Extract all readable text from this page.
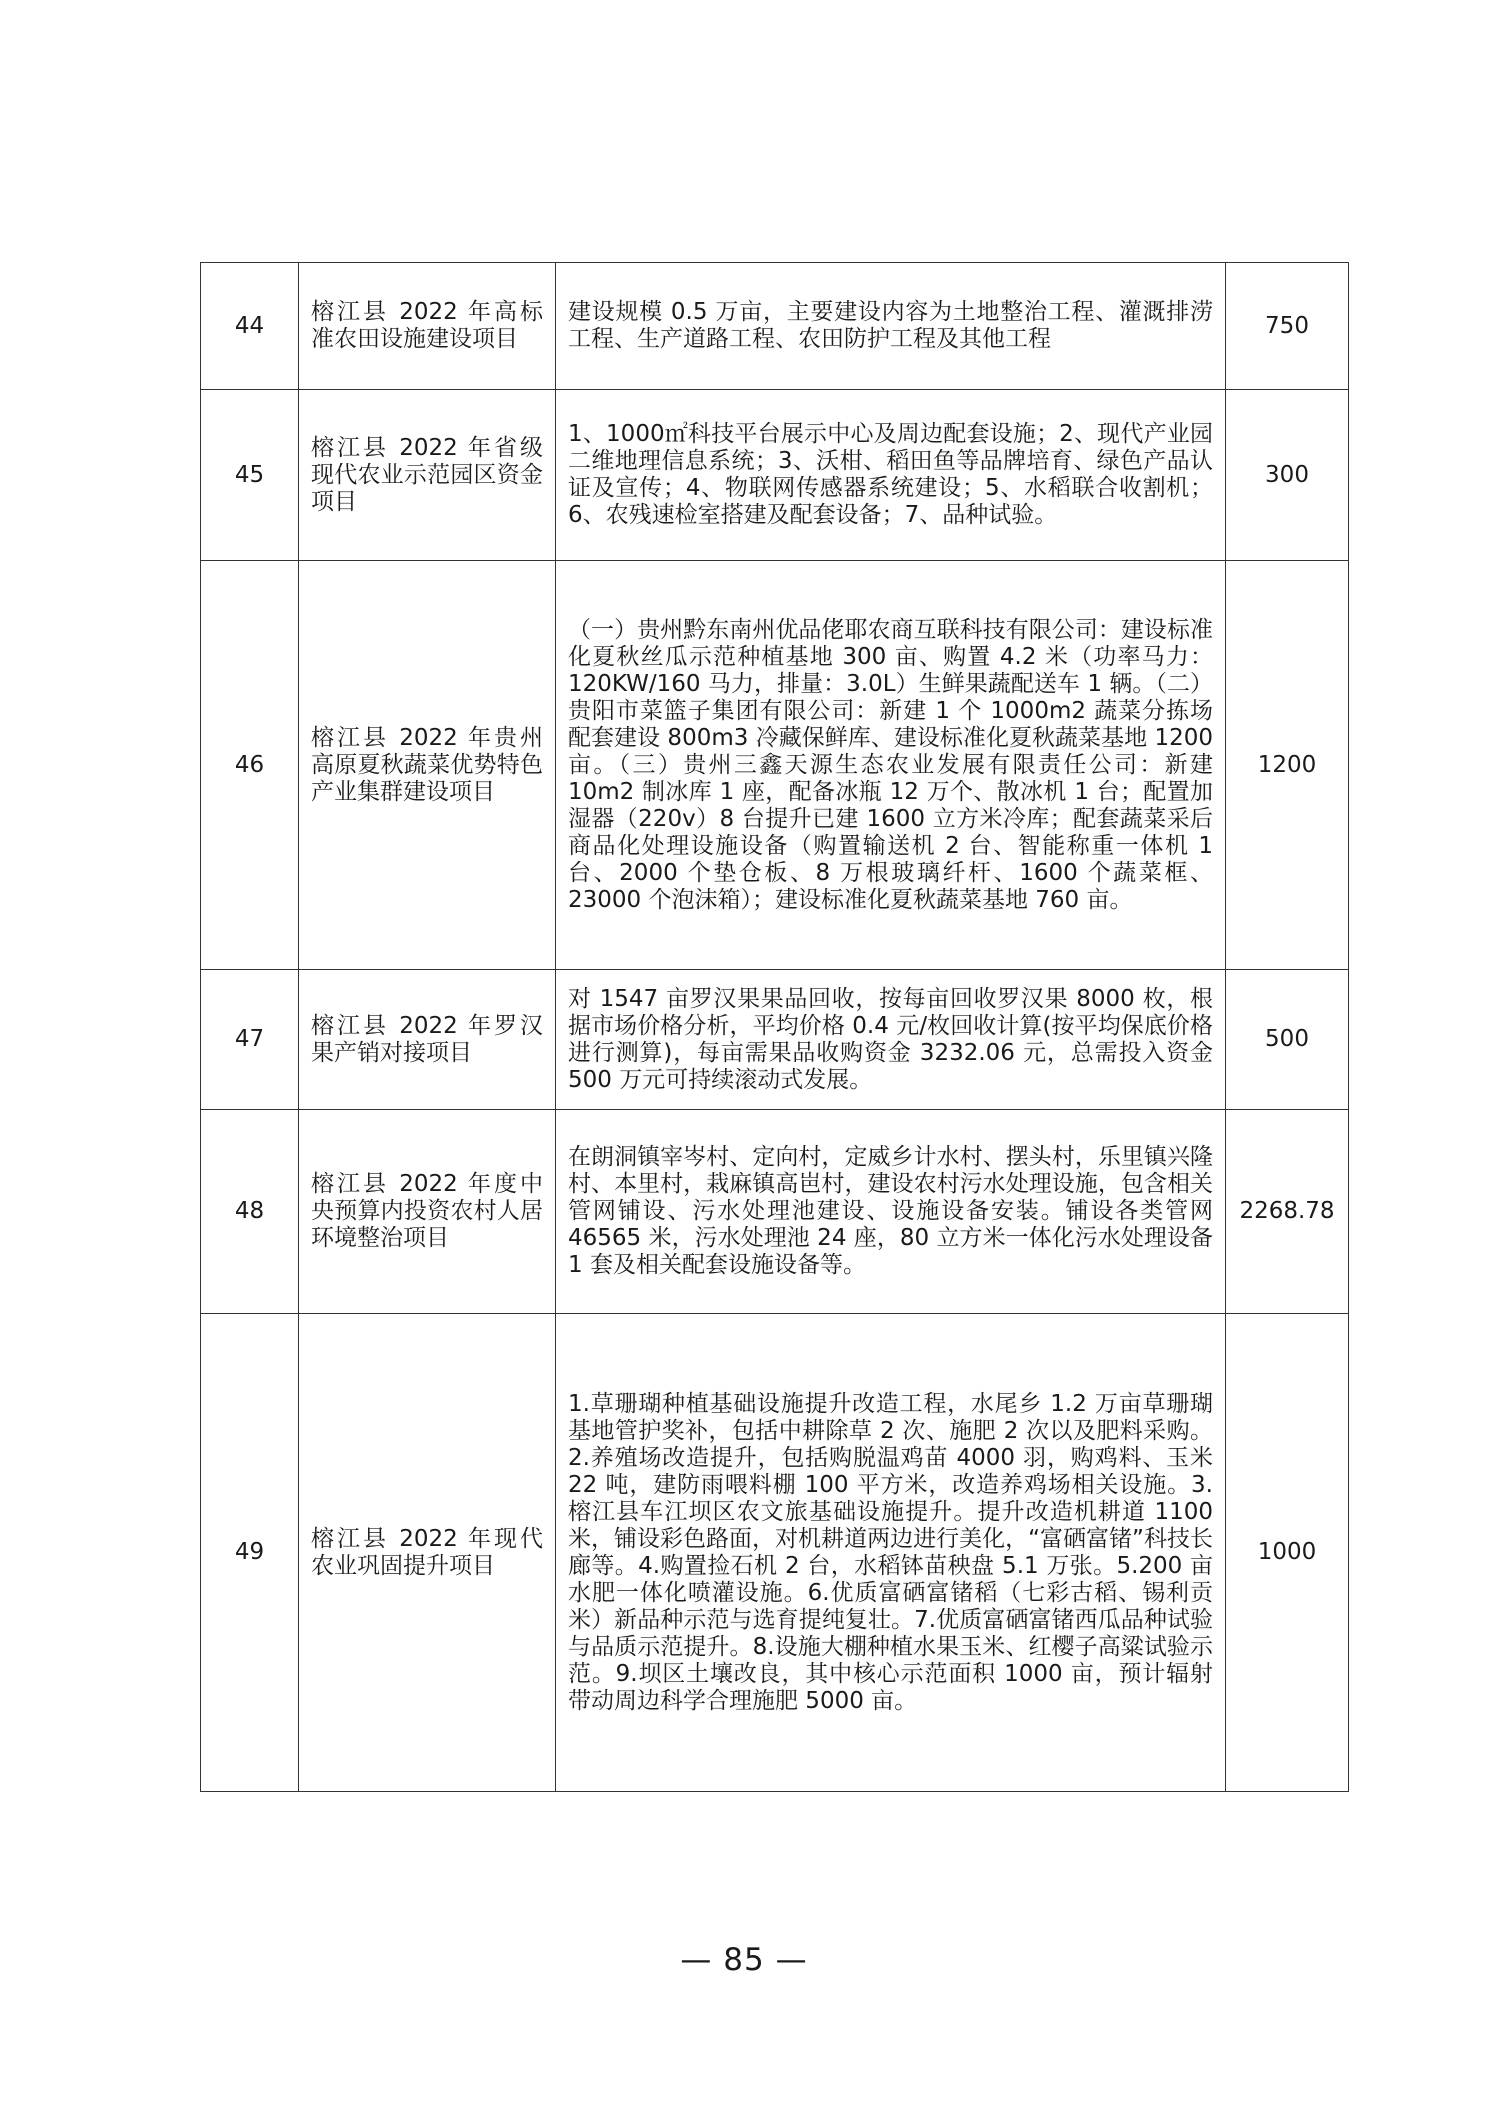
44	榕江县 2022 年高标准农田设施建设项目	建设规模 0.5 万亩，主要建设内容为土地整治工程、灌溉排涝工程、生产道路工程、农田防护工程及其他工程	750
45	榕江县 2022 年省级现代农业示范园区资金项目	1、1000㎡科技平台展示中心及周边配套设施；2、现代产业园二维地理信息系统；3、沃柑、稻田鱼等品牌培育、绿色产品认证及宣传；4、物联网传感器系统建设；5、水稻联合收割机；6、农残速检室搭建及配套设备；7、品种试验。	300
46	榕江县 2022 年贵州高原夏秋蔬菜优势特色产业集群建设项目	（一）贵州黔东南州优品佬耶农商互联科技有限公司：建设标准化夏秋丝瓜示范种植基地 300 亩、购置 4.2 米（功率马力：120KW/160 马力，排量：3.0L）生鲜果蔬配送车 1 辆。（二）贵阳市菜篮子集团有限公司：新建 1 个 1000m2 蔬菜分拣场配套建设 800m3 冷藏保鲜库、建设标准化夏秋蔬菜基地 1200 亩。（三）贵州三鑫天源生态农业发展有限责任公司：新建 10m2 制冰库 1 座，配备冰瓶 12 万个、散冰机 1 台；配置加湿器（220v）8 台提升已建 1600 立方米冷库；配套蔬菜采后商品化处理设施设备（购置输送机 2 台、智能称重一体机 1 台、2000 个垫仓板、8 万根玻璃纤杆、1600 个蔬菜框、23000 个泡沫箱）；建设标准化夏秋蔬菜基地 760 亩。	1200
47	榕江县 2022 年罗汉果产销对接项目	对 1547 亩罗汉果果品回收，按每亩回收罗汉果 8000 枚，根据市场价格分析，平均价格 0.4 元/枚回收计算(按平均保底价格进行测算)，每亩需果品收购资金 3232.06 元，总需投入资金 500 万元可持续滚动式发展。	500
48	榕江县 2022 年度中央预算内投资农村人居环境整治项目	在朗洞镇宰岑村、定向村，定威乡计水村、摆头村，乐里镇兴隆村、本里村，栽麻镇高岜村，建设农村污水处理设施，包含相关管网铺设、污水处理池建设、设施设备安装。铺设各类管网 46565 米，污水处理池 24 座，80 立方米一体化污水处理设备 1 套及相关配套设施设备等。	2268.78
49	榕江县 2022 年现代农业巩固提升项目	1.草珊瑚种植基础设施提升改造工程，水尾乡 1.2 万亩草珊瑚基地管护奖补，包括中耕除草 2 次、施肥 2 次以及肥料采购。2.养殖场改造提升，包括购脱温鸡苗 4000 羽，购鸡料、玉米 22 吨，建防雨喂料棚 100 平方米，改造养鸡场相关设施。3.榕江县车江坝区农文旅基础设施提升。提升改造机耕道 1100 米，铺设彩色路面，对机耕道两边进行美化，“富硒富锗”科技长廊等。4.购置捡石机 2 台，水稻钵苗秧盘 5.1 万张。5.200 亩水肥一体化喷灌设施。6.优质富硒富锗稻（七彩古稻、锡利贡米）新品种示范与选育提纯复壮。7.优质富硒富锗西瓜品种试验与品质示范提升。8.设施大棚种植水果玉米、红樱子高粱试验示范。9.坝区土壤改良，其中核心示范面积 1000 亩，预计辐射带动周边科学合理施肥 5000 亩。	1000
— 85 —
